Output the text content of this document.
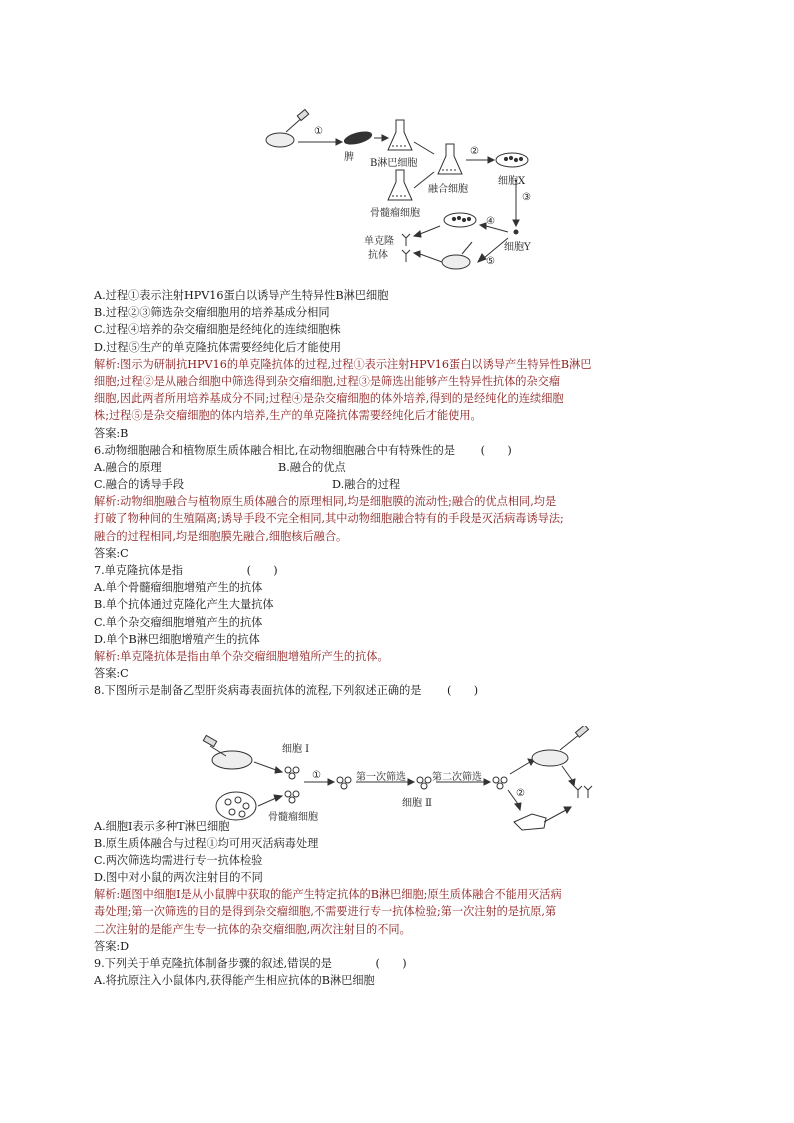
①
脾
B淋巴细胞
②
融合细胞
细胞X
骨髓瘤细胞
③
④
细胞Y
单克隆
抗体
⑤
A.过程①表示注射HPV16蛋白以诱导产生特异性B淋巴细胞
B.过程②③筛选杂交瘤细胞用的培养基成分相同
C.过程④培养的杂交瘤细胞是经纯化的连续细胞株
D.过程⑤生产的单克隆抗体需要经纯化后才能使用
解析:图示为研制抗HPV16的单克隆抗体的过程,过程①表示注射HPV16蛋白以诱导产生特异性B淋巴
细胞;过程②是从融合细胞中筛选得到杂交瘤细胞,过程③是筛选出能够产生特异性抗体的杂交瘤
细胞,因此两者所用培养基成分不同;过程④是杂交瘤细胞的体外培养,得到的是经纯化的连续细胞
株;过程⑤是杂交瘤细胞的体内培养,生产的单克隆抗体需要经纯化后才能使用。
答案:B
6.动物细胞融合和植物原生质体融合相比,在动物细胞融合中有特殊性的是 (　　)
A.融合的原理	B.融合的优点
C.融合的诱导手段	D.融合的过程
解析:动物细胞融合与植物原生质体融合的原理相同,均是细胞膜的流动性;融合的优点相同,均是
打破了物种间的生殖隔离;诱导手段不完全相同,其中动物细胞融合特有的手段是灭活病毒诱导法;
融合的过程相同,均是细胞膜先融合,细胞核后融合。
答案:C
7.单克隆抗体是指	(　　)
A.单个骨髓瘤细胞增殖产生的抗体
B.单个抗体通过克隆化产生大量抗体
C.单个杂交瘤细胞增殖产生的抗体
D.单个B淋巴细胞增殖产生的抗体
解析:单克隆抗体是指由单个杂交瘤细胞增殖所产生的抗体。
答案:C
8.下图所示是制备乙型肝炎病毒表面抗体的流程,下列叙述正确的是 (　　)
A.细胞Ⅰ表示多种T淋巴细胞
B.原生质体融合与过程①均可用灭活病毒处理
C.两次筛选均需进行专一抗体检验
D.图中对小鼠的两次注射目的不同
解析:题图中细胞Ⅰ是从小鼠脾中获取的能产生特定抗体的B淋巴细胞;原生质体融合不能用灭活病
毒处理;第一次筛选的目的是得到杂交瘤细胞,不需要进行专一抗体检验;第一次注射的是抗原,第
二次注射的是能产生专一抗体的杂交瘤细胞,两次注射目的不同。
答案:D
9.下列关于单克隆抗体制备步骤的叙述,错误的是	(　　)
A.将抗原注入小鼠体内,获得能产生相应抗体的B淋巴细胞
细胞 Ⅰ
①	第一次筛选	第二次筛选
细胞 Ⅱ
骨髓瘤细胞
②
